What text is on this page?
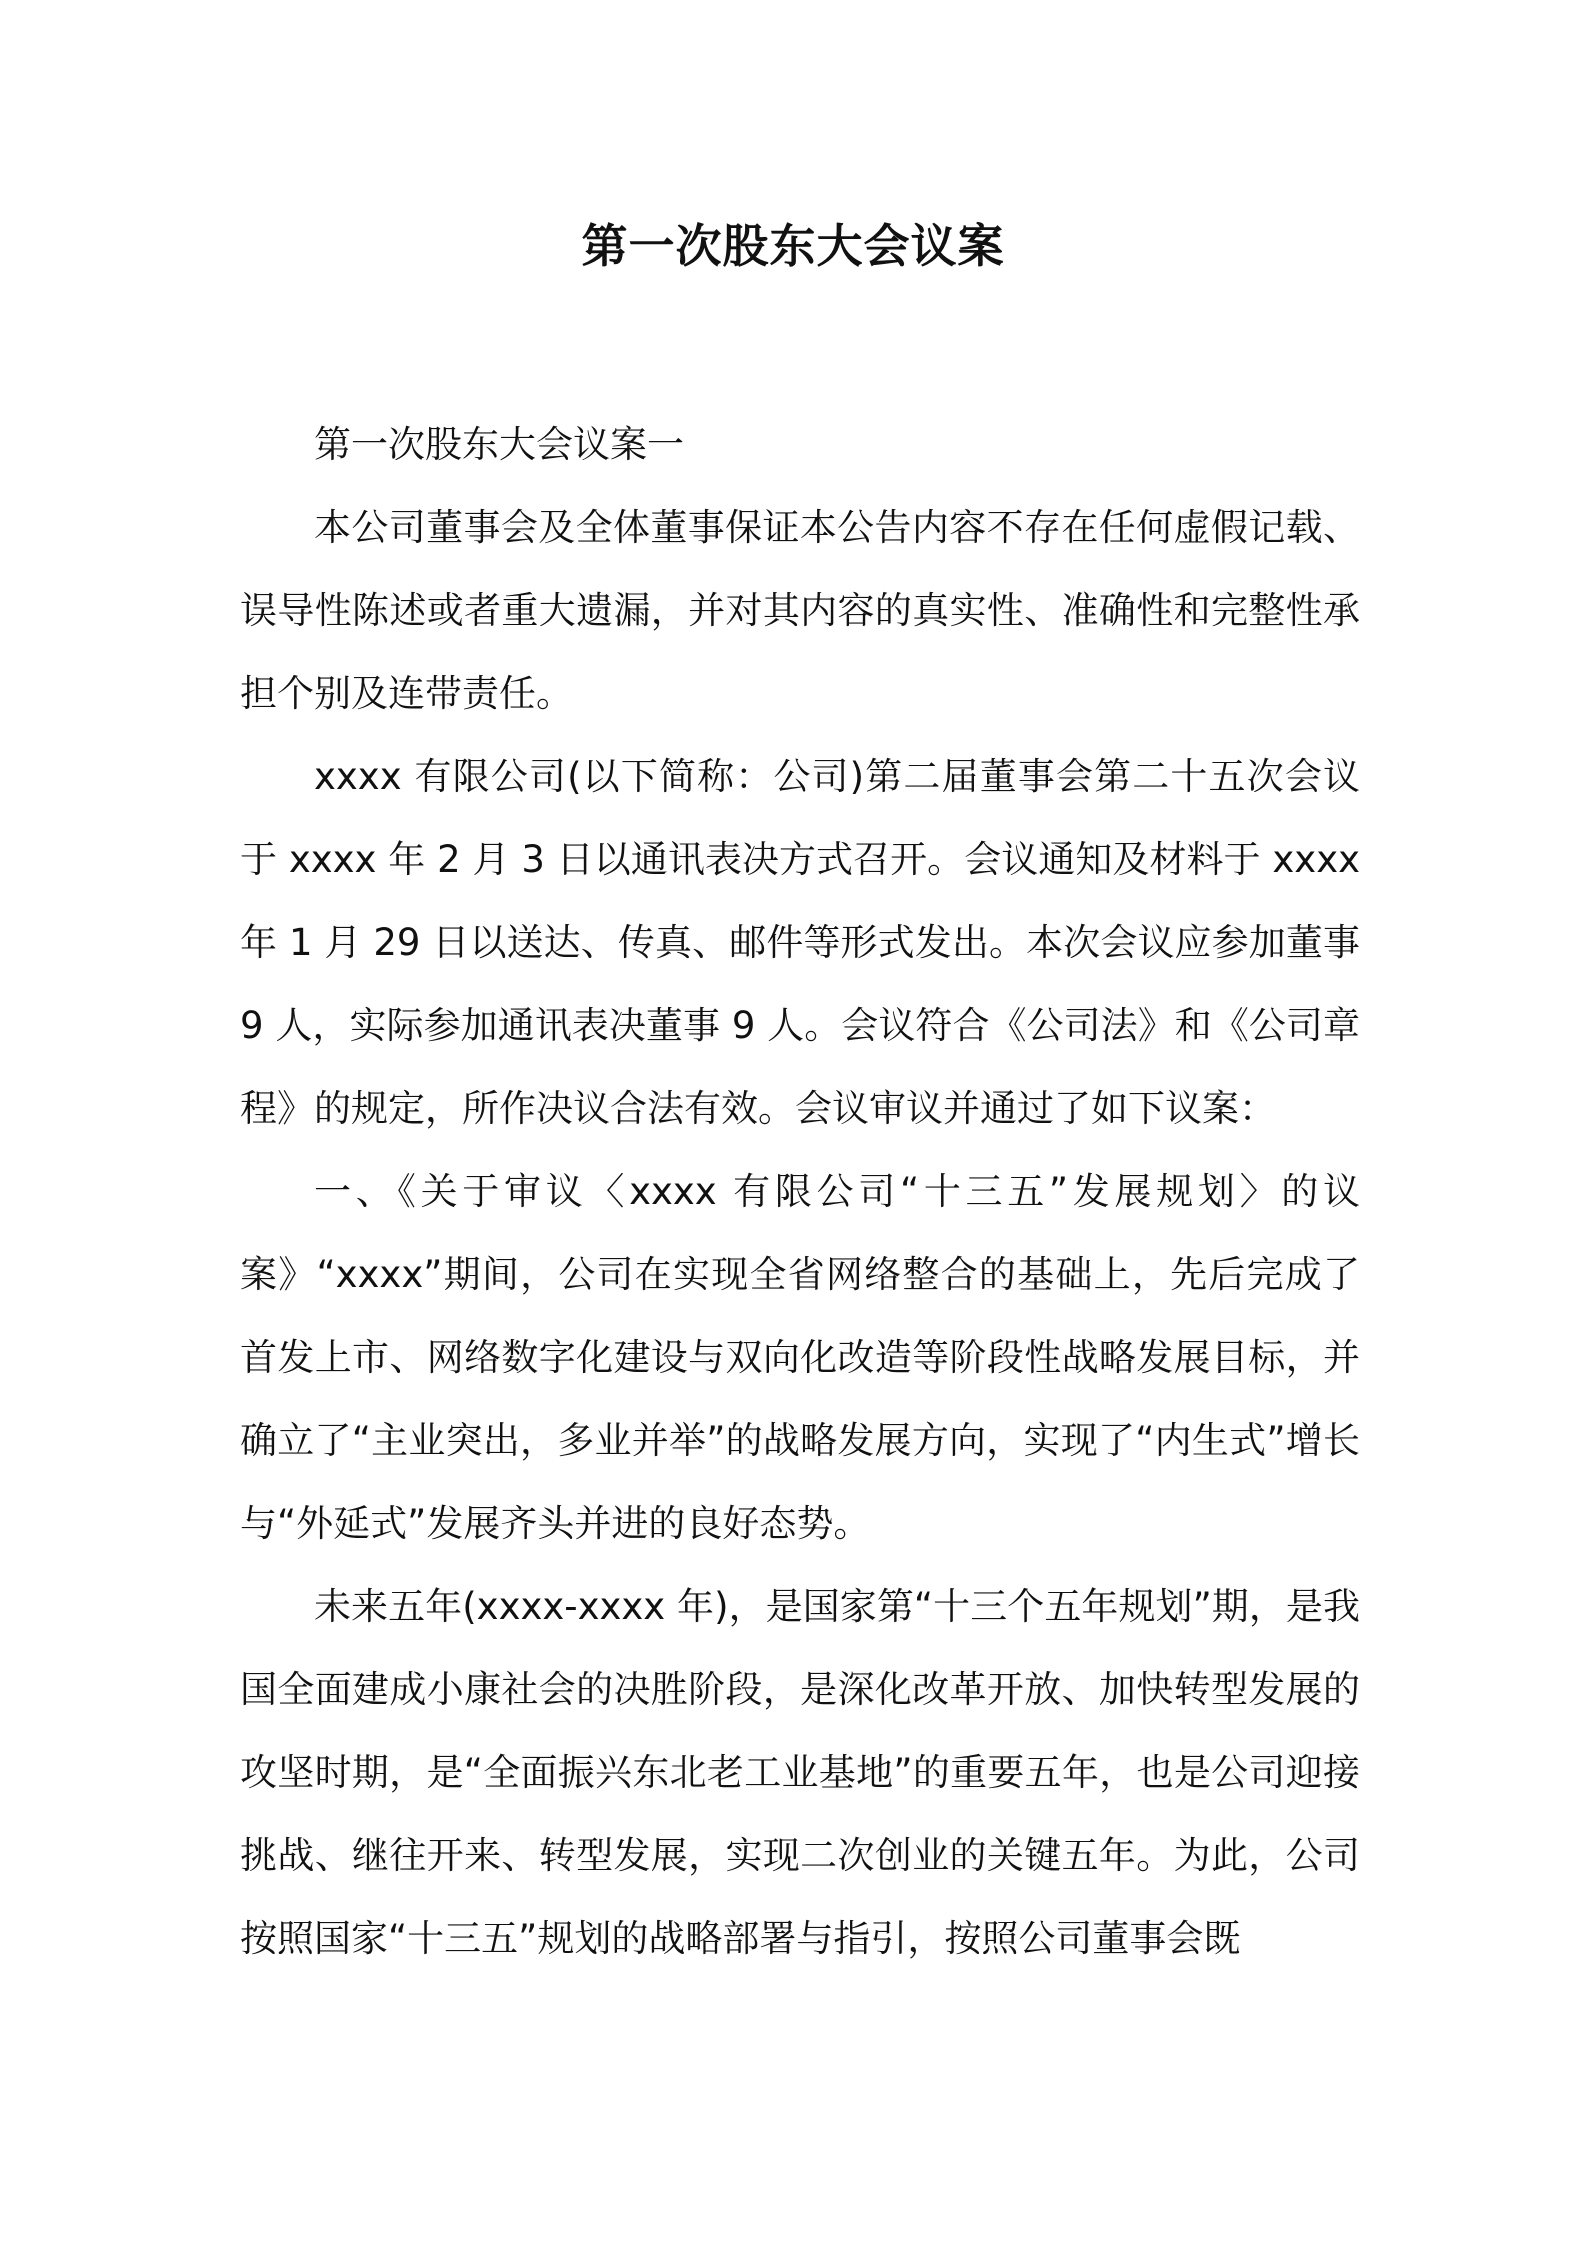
第一次股东大会议案

第一次股东大会议案一

本公司董事会及全体董事保证本公告内容不存在任何虚假记载、误导性陈述或者重大遗漏，并对其内容的真实性、准确性和完整性承担个别及连带责任。

xxxx 有限公司(以下简称：公司)第二届董事会第二十五次会议于 xxxx 年 2 月 3 日以通讯表决方式召开。会议通知及材料于 xxxx 年 1 月 29 日以送达、传真、邮件等形式发出。本次会议应参加董事 9 人，实际参加通讯表决董事 9 人。会议符合《公司法》和《公司章程》的规定，所作决议合法有效。会议审议并通过了如下议案：

一、《关于审议〈xxxx 有限公司“十三五”发展规划〉的议案》“xxxx”期间，公司在实现全省网络整合的基础上，先后完成了首发上市、网络数字化建设与双向化改造等阶段性战略发展目标，并确立了“主业突出，多业并举”的战略发展方向，实现了“内生式”增长与“外延式”发展齐头并进的良好态势。

未来五年(xxxx-xxxx 年)，是国家第“十三个五年规划”期，是我国全面建成小康社会的决胜阶段，是深化改革开放、加快转型发展的攻坚时期，是“全面振兴东北老工业基地”的重要五年，也是公司迎接挑战、继往开来、转型发展，实现二次创业的关键五年。为此，公司按照国家“十三五”规划的战略部署与指引，按照公司董事会既
